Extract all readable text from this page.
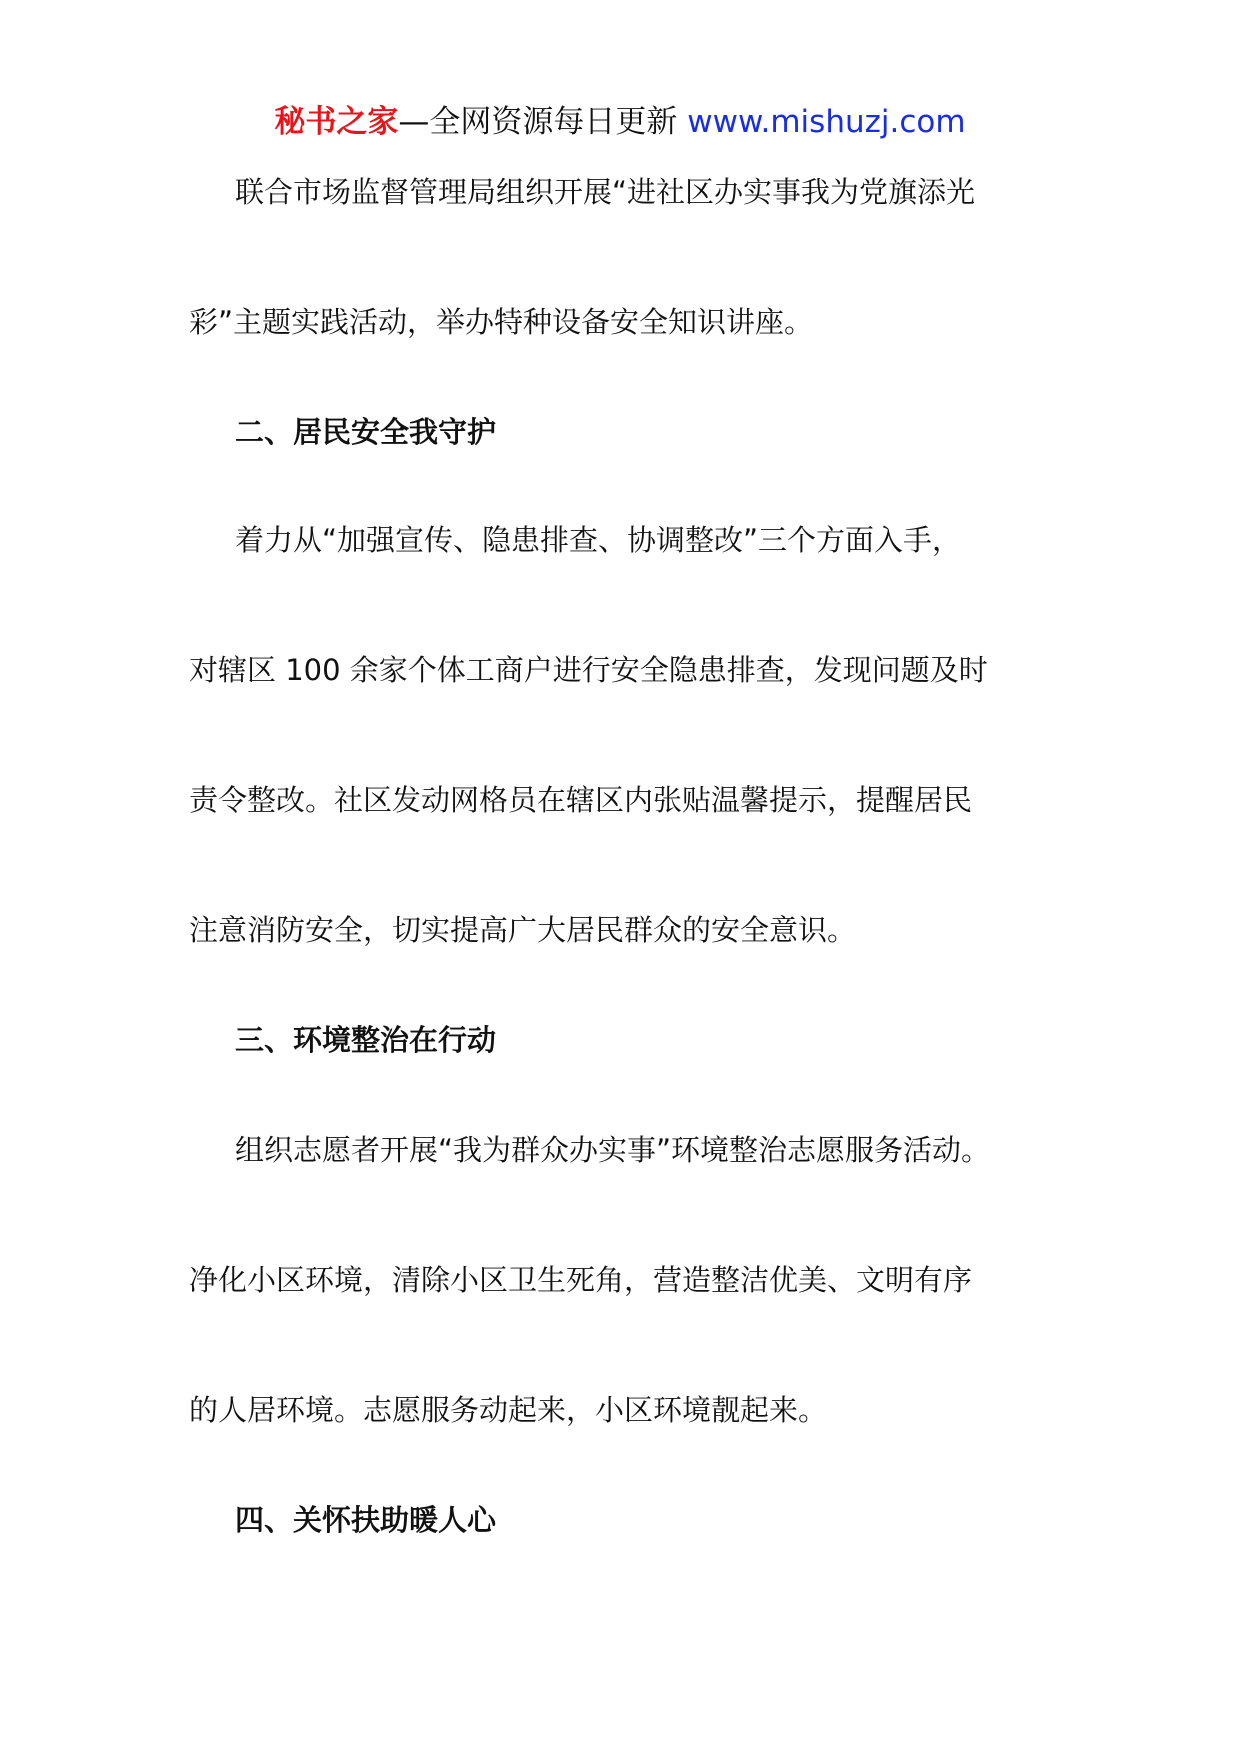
秘书之家—全网资源每日更新 www.mishuzj.com
联合市场监督管理局组织开展“进社区办实事我为党旗添光
彩”主题实践活动，举办特种设备安全知识讲座。
二、居民安全我守护
着力从“加强宣传、隐患排查、协调整改”三个方面入手，
对辖区 100 余家个体工商户进行安全隐患排查，发现问题及时
责令整改。社区发动网格员在辖区内张贴温馨提示，提醒居民
注意消防安全，切实提高广大居民群众的安全意识。
三、环境整治在行动
组织志愿者开展“我为群众办实事”环境整治志愿服务活动。
净化小区环境，清除小区卫生死角，营造整洁优美、文明有序
的人居环境。志愿服务动起来，小区环境靓起来。
四、关怀扶助暖人心
